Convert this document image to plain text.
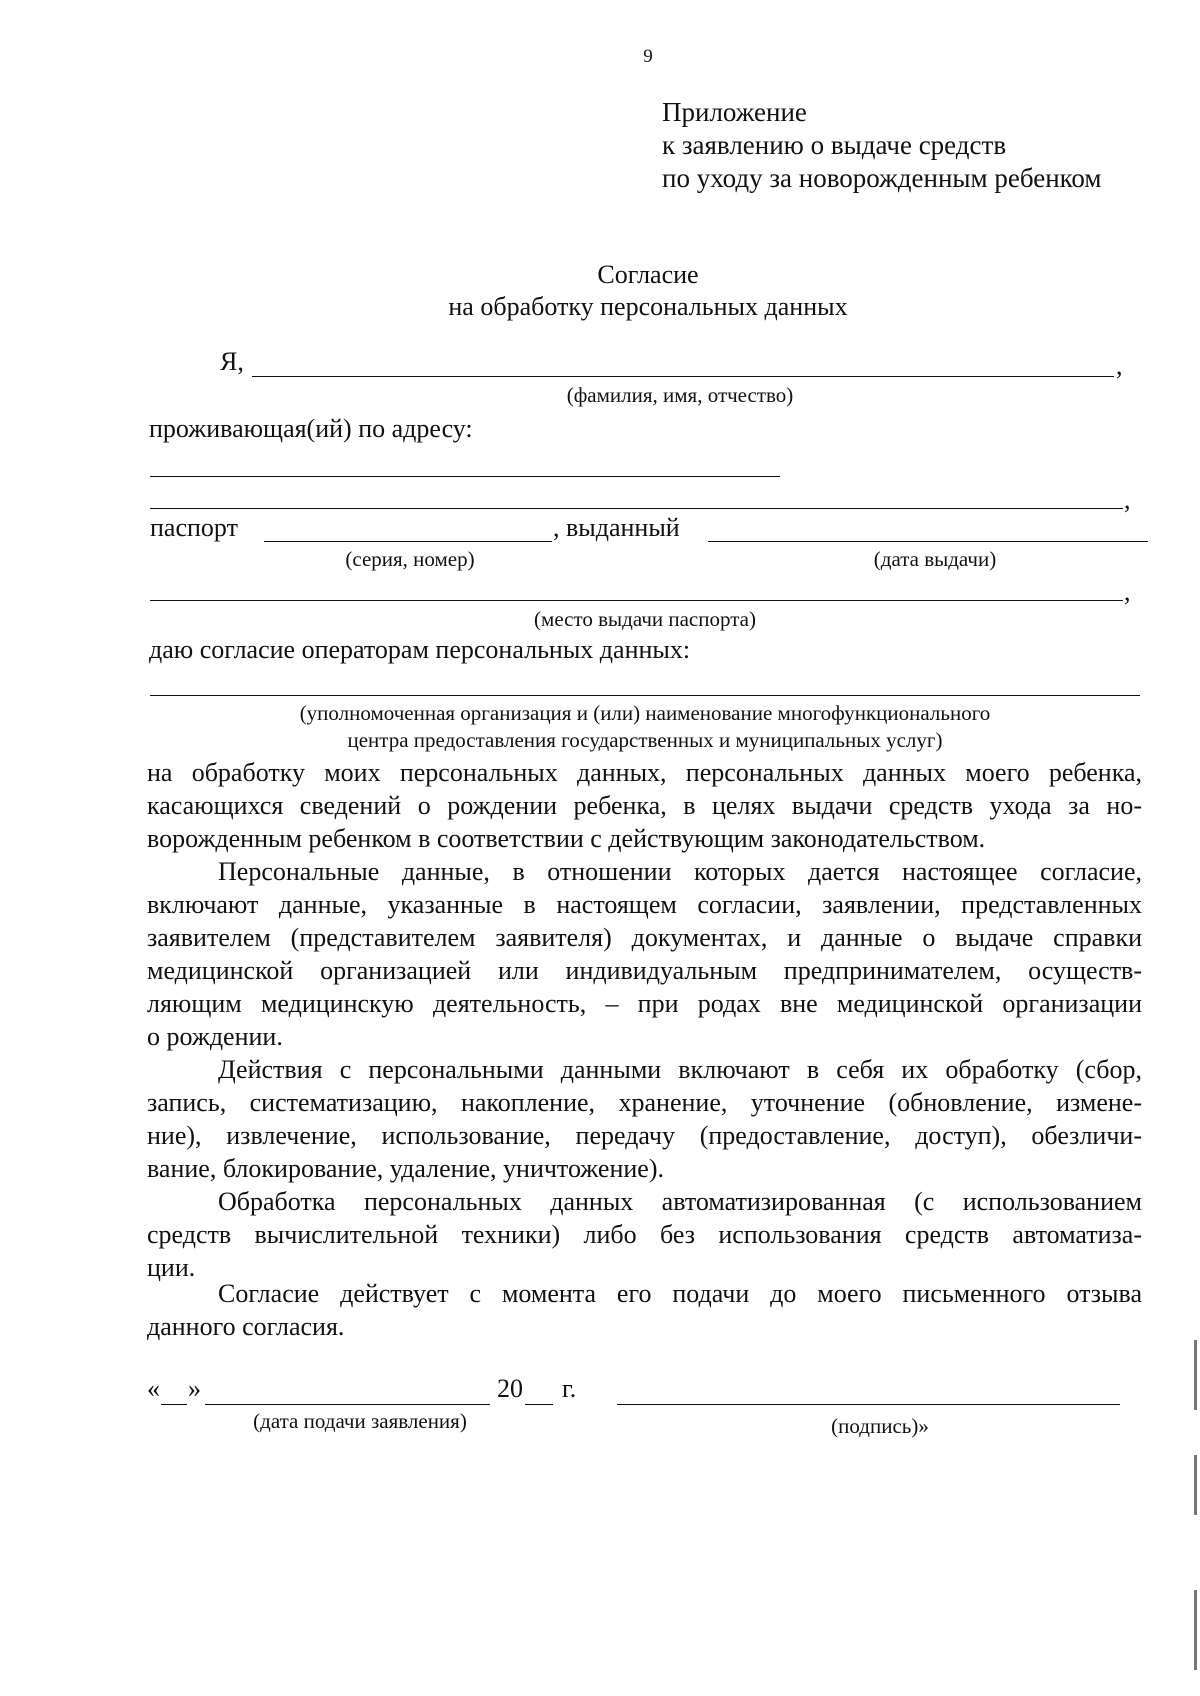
9
Приложение
к заявлению о выдаче средств
по уходу за новорожденным ребенком
Согласие
на обработку персональных данных
Я,	,
(фамилия, имя, отчество)
проживающая(ий) по адресу:
,
паспорт	, выданный
(серия, номер)	(дата выдачи)
,
(место выдачи паспорта)
даю согласие операторам персональных данных:
(уполномоченная организация и (или) наименование многофункционального
центра предоставления государственных и муниципальных услуг)
на обработку моих персональных данных, персональных данных моего ребенка,
касающихся сведений о рождении ребенка, в целях выдачи средств ухода за но-
ворожденным ребенком в соответствии с действующим законодательством.
Персональные данные, в отношении которых дается настоящее согласие,
включают данные, указанные в настоящем согласии, заявлении, представленных
заявителем (представителем заявителя) документах, и данные о выдаче справки
медицинской организацией или индивидуальным предпринимателем, осуществ-
ляющим медицинскую деятельность, – при родах вне медицинской организации
о рождении.
Действия с персональными данными включают в себя их обработку (сбор,
запись, систематизацию, накопление, хранение, уточнение (обновление, измене-
ние), извлечение, использование, передачу (предоставление, доступ), обезличи-
вание, блокирование, удаление, уничтожение).
Обработка персональных данных автоматизированная (с использованием
средств вычислительной техники) либо без использования средств автоматиза-
ции.
Согласие действует с момента его подачи до моего письменного отзыва
данного согласия.
« »	20 г.
(дата подачи заявления)	(подпись)»
